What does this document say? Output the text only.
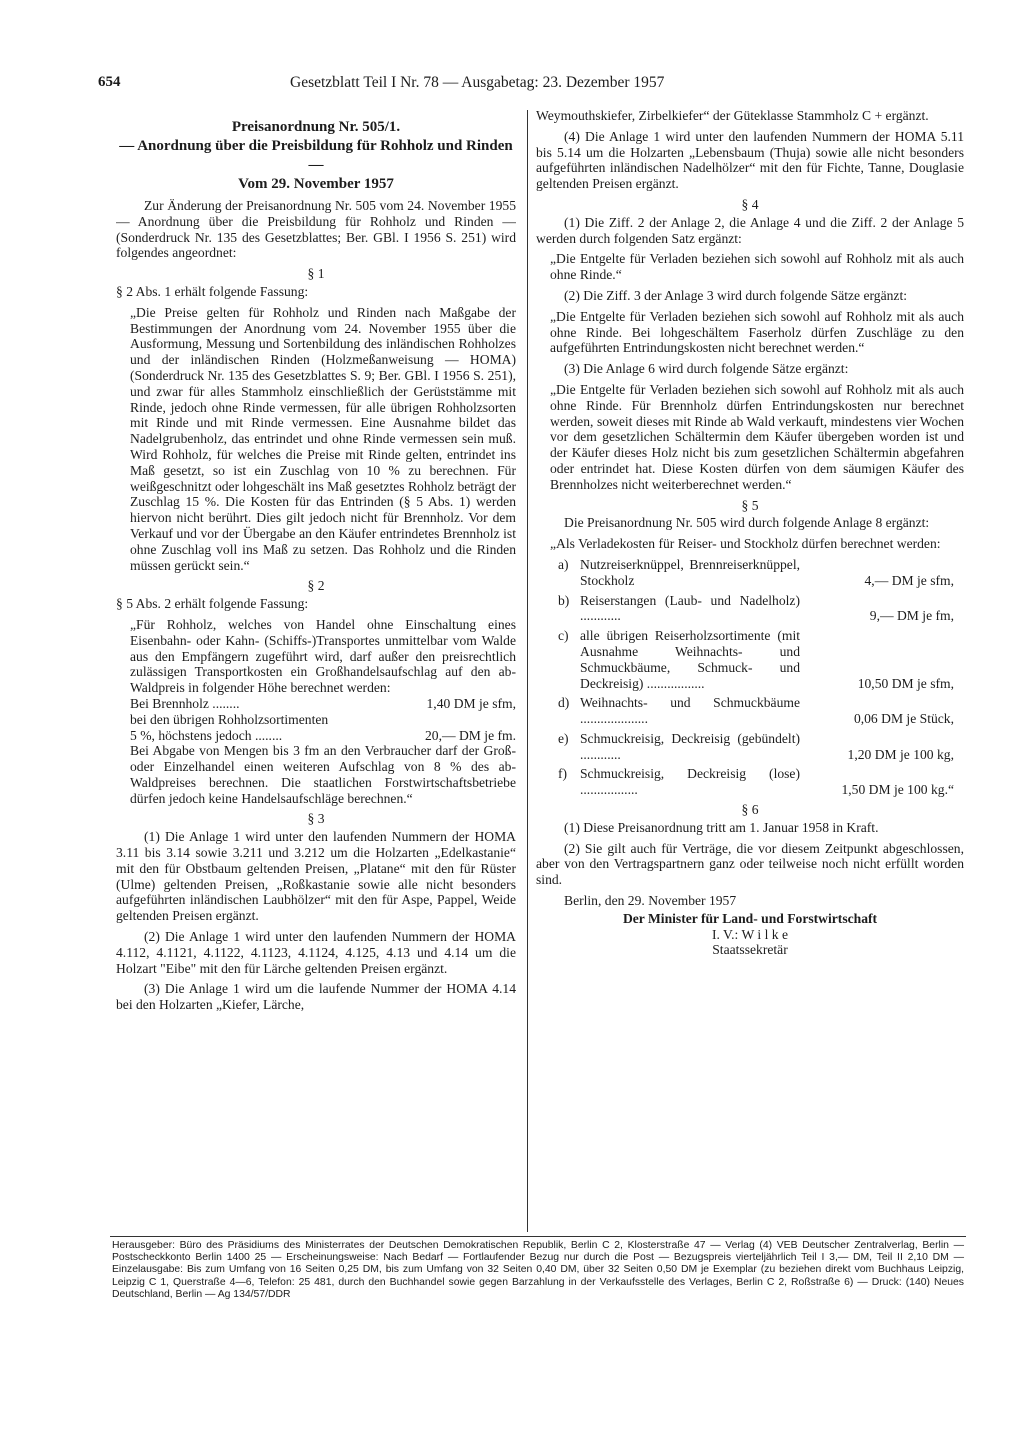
654	Gesetzblatt Teil I Nr. 78 — Ausgabetag: 23. Dezember 1957

Preisanordnung Nr. 505/1.

— Anordnung über die Preisbildung für Rohholz und Rinden —

Vom 29. November 1957

Zur Änderung der Preisanordnung Nr. 505 vom 24. November 1955 — Anordnung über die Preisbildung für Rohholz und Rinden — (Sonderdruck Nr. 135 des Gesetzblattes; Ber. GBl. I 1956 S. 251) wird folgendes angeordnet:

§ 1

§ 2 Abs. 1 erhält folgende Fassung:

„Die Preise gelten für Rohholz und Rinden nach Maßgabe der Bestimmungen der Anordnung vom 24. November 1955 über die Ausformung, Messung und Sortenbildung des inländischen Rohholzes und der inländischen Rinden (Holzmeßanweisung — HOMA) (Sonderdruck Nr. 135 des Gesetzblattes S. 9; Ber. GBl. I 1956 S. 251), und zwar für alles Stammholz einschließlich der Gerüststämme mit Rinde, jedoch ohne Rinde vermessen, für alle übrigen Rohholzsorten mit Rinde und mit Rinde vermessen. Eine Ausnahme bildet das Nadelgrubenholz, das entrindet und ohne Rinde vermessen sein muß. Wird Rohholz, für welches die Preise mit Rinde gelten, entrindet ins Maß gesetzt, so ist ein Zuschlag von 10 % zu berechnen. Für weißgeschnitzt oder lohgeschält ins Maß gesetztes Rohholz beträgt der Zuschlag 15 %. Die Kosten für das Entrinden (§ 5 Abs. 1) werden hiervon nicht berührt. Dies gilt jedoch nicht für Brennholz. Vor dem Verkauf und vor der Übergabe an den Käufer entrindetes Brennholz ist ohne Zuschlag voll ins Maß zu setzen. Das Rohholz und die Rinden müssen gerückt sein.“

§ 2

§ 5 Abs. 2 erhält folgende Fassung:

„Für Rohholz, welches von Handel ohne Einschaltung eines Eisenbahn- oder Kahn- (Schiffs-)Transportes unmittelbar vom Walde aus den Empfängern zugeführt wird, darf außer den preisrechtlich zulässigen Transportkosten ein Großhandelsaufschlag auf den ab-Waldpreis in folgender Höhe berechnet werden:

Bei Brennholz ........	1,40 DM je sfm,
bei den übrigen Rohholzsortimenten
5 %, höchstens jedoch ........	20,— DM je fm.

Bei Abgabe von Mengen bis 3 fm an den Verbraucher darf der Groß- oder Einzelhandel einen weiteren Aufschlag von 8 % des ab-Waldpreises berechnen. Die staatlichen Forstwirtschaftsbetriebe dürfen jedoch keine Handelsaufschläge berechnen.“

§ 3

(1) Die Anlage 1 wird unter den laufenden Nummern der HOMA 3.11 bis 3.14 sowie 3.211 und 3.212 um die Holzarten „Edelkastanie“ mit den für Obstbaum geltenden Preisen, „Platane“ mit den für Rüster (Ulme) geltenden Preisen, „Roßkastanie sowie alle nicht besonders aufgeführten inländischen Laubhölzer“ mit den für Aspe, Pappel, Weide geltenden Preisen ergänzt.

(2) Die Anlage 1 wird unter den laufenden Nummern der HOMA 4.112, 4.1121, 4.1122, 4.1123, 4.1124, 4.125, 4.13 und 4.14 um die Holzart "Eibe" mit den für Lärche geltenden Preisen ergänzt.

(3) Die Anlage 1 wird um die laufende Nummer der HOMA 4.14 bei den Holzarten „Kiefer, Lärche,

Weymouthskiefer, Zirbelkiefer“ der Güteklasse Stammholz C + ergänzt.

(4) Die Anlage 1 wird unter den laufenden Nummern der HOMA 5.11 bis 5.14 um die Holzarten „Lebensbaum (Thuja) sowie alle nicht besonders aufgeführten inländischen Nadelhölzer“ mit den für Fichte, Tanne, Douglasie geltenden Preisen ergänzt.

§ 4

(1) Die Ziff. 2 der Anlage 2, die Anlage 4 und die Ziff. 2 der Anlage 5 werden durch folgenden Satz ergänzt:

„Die Entgelte für Verladen beziehen sich sowohl auf Rohholz mit als auch ohne Rinde.“

(2) Die Ziff. 3 der Anlage 3 wird durch folgende Sätze ergänzt:

„Die Entgelte für Verladen beziehen sich sowohl auf Rohholz mit als auch ohne Rinde. Bei lohgeschältem Faserholz dürfen Zuschläge zu den aufgeführten Entrindungskosten nicht berechnet werden.“

(3) Die Anlage 6 wird durch folgende Sätze ergänzt:

„Die Entgelte für Verladen beziehen sich sowohl auf Rohholz mit als auch ohne Rinde. Für Brennholz dürfen Entrindungskosten nur berechnet werden, soweit dieses mit Rinde ab Wald verkauft, mindestens vier Wochen vor dem gesetzlichen Schältermin dem Käufer übergeben worden ist und der Käufer dieses Holz nicht bis zum gesetzlichen Schältermin abgefahren oder entrindet hat. Diese Kosten dürfen von dem säumigen Käufer des Brennholzes nicht weiterberechnet werden.“

§ 5

Die Preisanordnung Nr. 505 wird durch folgende Anlage 8 ergänzt:

„Als Verladekosten für Reiser- und Stockholz dürfen berechnet werden:

a) Nutzreiserknüppel, Brennreiserknüppel, Stockholz	4,— DM je sfm,
b) Reiserstangen (Laub- und Nadelholz) ............	9,— DM je fm,
c) alle übrigen Reiserholzsortimente (mit Ausnahme Weihnachts- und Schmuckbäume, Schmuck- und Deckreisig) .................	10,50 DM je sfm,
d) Weihnachts- und Schmuckbäume ....................	0,06 DM je Stück,
e) Schmuckreisig, Deckreisig (gebündelt) ............	1,20 DM je 100 kg,
f) Schmuckreisig, Deckreisig (lose) .................	1,50 DM je 100 kg.“

§ 6

(1) Diese Preisanordnung tritt am 1. Januar 1958 in Kraft.

(2) Sie gilt auch für Verträge, die vor diesem Zeitpunkt abgeschlossen, aber von den Vertragspartnern ganz oder teilweise noch nicht erfüllt worden sind.

Berlin, den 29. November 1957

Der Minister für Land- und Forstwirtschaft

I. V.: W i l k e

Staatssekretär

Herausgeber: Büro des Präsidiums des Ministerrates der Deutschen Demokratischen Republik, Berlin C 2, Klosterstraße 47 — Verlag (4) VEB Deutscher Zentralverlag, Berlin — Postscheckkonto Berlin 1400 25 — Erscheinungsweise: Nach Bedarf — Fortlaufender Bezug nur durch die Post — Bezugspreis vierteljährlich Teil I 3,— DM, Teil II 2,10 DM — Einzelausgabe: Bis zum Umfang von 16 Seiten 0,25 DM, bis zum Umfang von 32 Seiten 0,40 DM, über 32 Seiten 0,50 DM je Exemplar (zu beziehen direkt vom Buchhaus Leipzig, Leipzig C 1, Querstraße 4—6, Telefon: 25 481, durch den Buchhandel sowie gegen Barzahlung in der Verkaufsstelle des Verlages, Berlin C 2, Roßstraße 6) — Druck: (140) Neues Deutschland, Berlin — Ag 134/57/DDR
